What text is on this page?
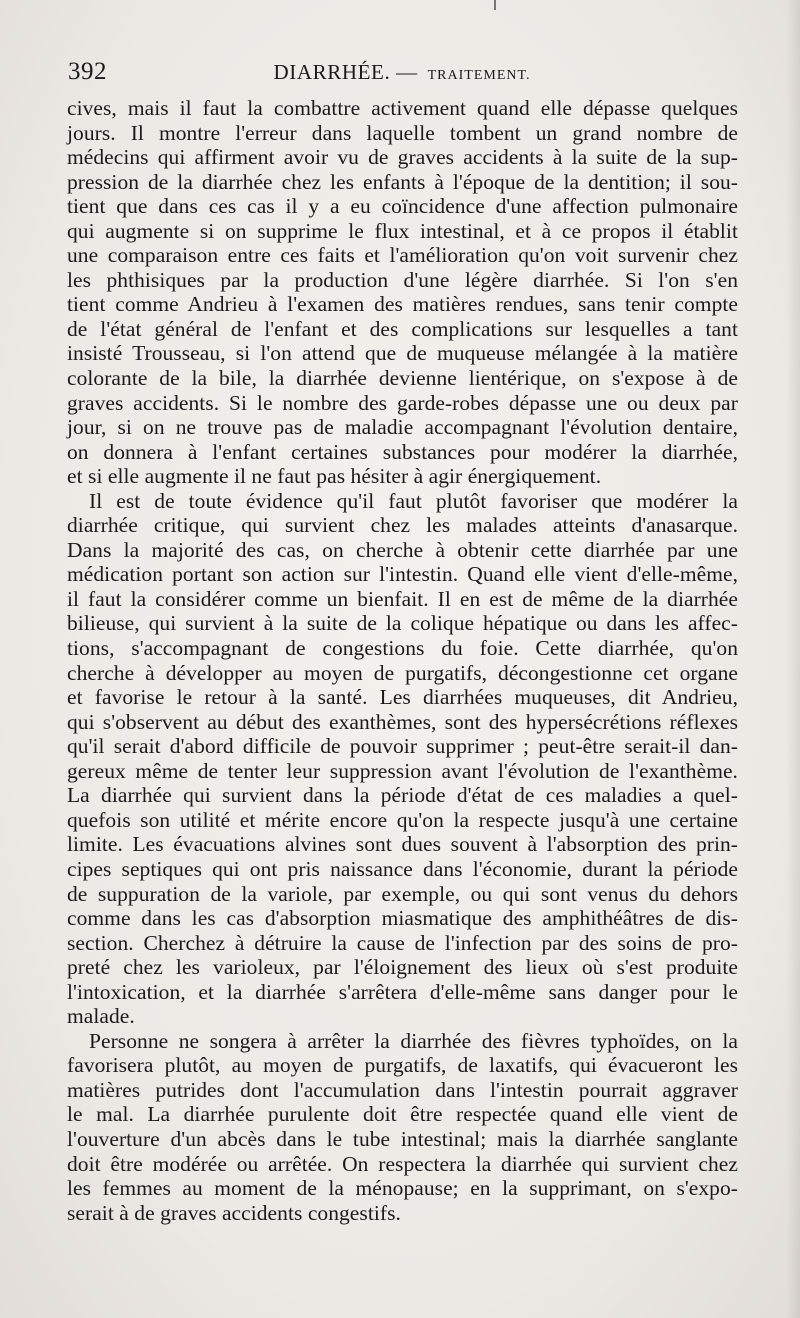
392	DIARRHÉE. — TRAITEMENT.
cives, mais il faut la combattre activement quand elle dépasse quelques
jours. Il montre l'erreur dans laquelle tombent un grand nombre de
médecins qui affirment avoir vu de graves accidents à la suite de la sup-
pression de la diarrhée chez les enfants à l'époque de la dentition; il sou-
tient que dans ces cas il y a eu coïncidence d'une affection pulmonaire
qui augmente si on supprime le flux intestinal, et à ce propos il établit
une comparaison entre ces faits et l'amélioration qu'on voit survenir chez
les phthisiques par la production d'une légère diarrhée. Si l'on s'en
tient comme Andrieu à l'examen des matières rendues, sans tenir compte
de l'état général de l'enfant et des complications sur lesquelles a tant
insisté Trousseau, si l'on attend que de muqueuse mélangée à la matière
colorante de la bile, la diarrhée devienne lientérique, on s'expose à de
graves accidents. Si le nombre des garde-robes dépasse une ou deux par
jour, si on ne trouve pas de maladie accompagnant l'évolution dentaire,
on donnera à l'enfant certaines substances pour modérer la diarrhée,
et si elle augmente il ne faut pas hésiter à agir énergiquement.
Il est de toute évidence qu'il faut plutôt favoriser que modérer la
diarrhée critique, qui survient chez les malades atteints d'anasarque.
Dans la majorité des cas, on cherche à obtenir cette diarrhée par une
médication portant son action sur l'intestin. Quand elle vient d'elle-même,
il faut la considérer comme un bienfait. Il en est de même de la diarrhée
bilieuse, qui survient à la suite de la colique hépatique ou dans les affec-
tions, s'accompagnant de congestions du foie. Cette diarrhée, qu'on
cherche à développer au moyen de purgatifs, décongestionne cet organe
et favorise le retour à la santé. Les diarrhées muqueuses, dit Andrieu,
qui s'observent au début des exanthèmes, sont des hypersécrétions réflexes
qu'il serait d'abord difficile de pouvoir supprimer ; peut-être serait-il dan-
gereux même de tenter leur suppression avant l'évolution de l'exanthème.
La diarrhée qui survient dans la période d'état de ces maladies a quel-
quefois son utilité et mérite encore qu'on la respecte jusqu'à une certaine
limite. Les évacuations alvines sont dues souvent à l'absorption des prin-
cipes septiques qui ont pris naissance dans l'économie, durant la période
de suppuration de la variole, par exemple, ou qui sont venus du dehors
comme dans les cas d'absorption miasmatique des amphithéâtres de dis-
section. Cherchez à détruire la cause de l'infection par des soins de pro-
preté chez les varioleux, par l'éloignement des lieux où s'est produite
l'intoxication, et la diarrhée s'arrêtera d'elle-même sans danger pour le
malade.
Personne ne songera à arrêter la diarrhée des fièvres typhoïdes, on la
favorisera plutôt, au moyen de purgatifs, de laxatifs, qui évacueront les
matières putrides dont l'accumulation dans l'intestin pourrait aggraver
le mal. La diarrhée purulente doit être respectée quand elle vient de
l'ouverture d'un abcès dans le tube intestinal; mais la diarrhée sanglante
doit être modérée ou arrêtée. On respectera la diarrhée qui survient chez
les femmes au moment de la ménopause; en la supprimant, on s'expo-
serait à de graves accidents congestifs.
